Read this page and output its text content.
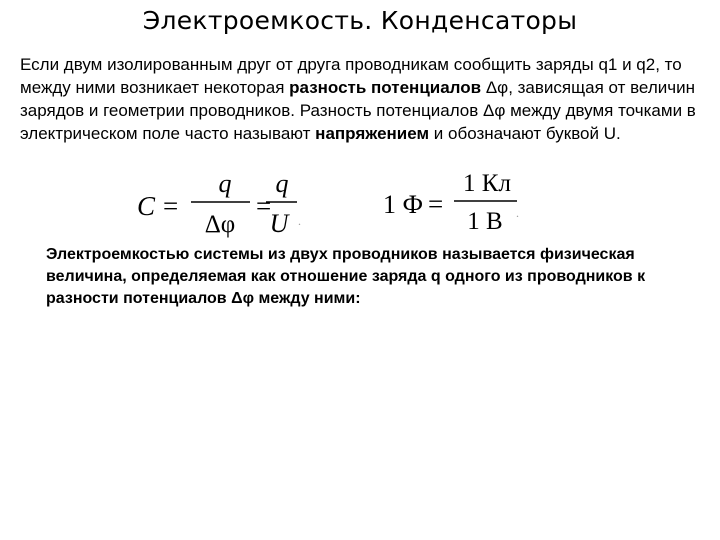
Электроемкость. Конденсаторы
Если двум изолированным друг от друга проводникам сообщить заряды q1 и q2, то между ними возникает некоторая разность потенциалов Δφ, зависящая от величин зарядов и геометрии проводников. Разность потенциалов Δφ между двумя точками в электрическом поле часто называют напряжением и обозначают буквой U.
C =
q
Δφ
=
q
U .
1 Ф =
1 Кл
1 В .
Электроемкостью системы из двух проводников называется физическая величина, определяемая как отношение заряда q одного из проводников к разности потенциалов Δφ между ними:
